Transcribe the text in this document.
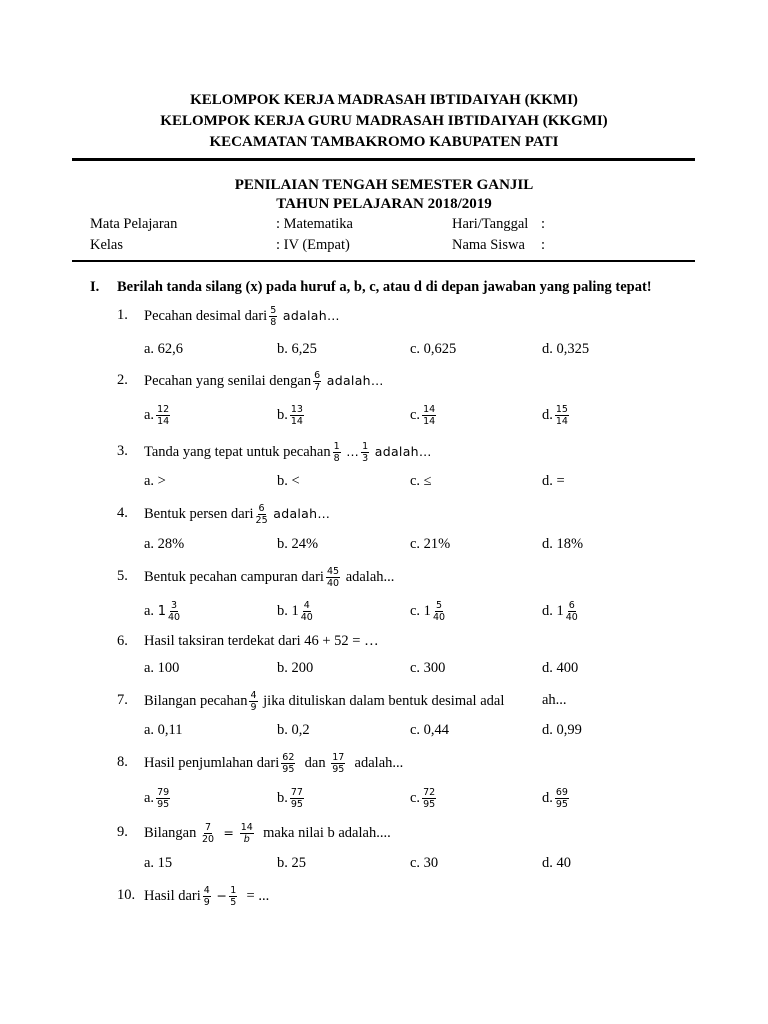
KELOMPOK KERJA MADRASAH IBTIDAIYAH (KKMI)
KELOMPOK KERJA GURU MADRASAH IBTIDAIYAH (KKGMI)
KECAMATAN TAMBAKROMO KABUPATEN PATI
PENILAIAN TENGAH SEMESTER GANJIL
TAHUN PELAJARAN 2018/2019
Mata Pelajaran	: Matematika	Hari/Tanggal :
Kelas	: IV (Empat)	Nama Siswa :
I. Berilah tanda silang (x) pada huruf a, b, c, atau d di depan jawaban yang paling tepat!
1. Pecahan desimal dari $\frac{5}{8}$ adalah…
a. 62,6	b. 6,25	c. 0,625	d. 0,325
2. Pecahan yang senilai dengan $\frac{6}{7}$ adalah…
a. $\frac{12}{14}$	b. $\frac{13}{14}$	c. $\frac{14}{14}$	d. $\frac{15}{14}$
3. Tanda yang tepat untuk pecahan $\frac{1}{8}$ … $\frac{1}{3}$ adalah…
a. >	b. <	c. ≤	d. =
4. Bentuk persen dari $\frac{6}{25}$ adalah…
a. 28%	b. 24%	c. 21%	d. 18%
5. Bentuk pecahan campuran dari $\frac{45}{40}$ adalah...
a. $1 \frac{3}{40}$	b. $1 \frac{4}{40}$	c. $1 \frac{5}{40}$	d. $1 \frac{6}{40}$
6. Hasil taksiran terdekat dari 46 + 52 = …
a. 100	b. 200	c. 300	d. 400
7. Bilangan pecahan $\frac{4}{9}$ jika dituliskan dalam bentuk desimal adal	ah...
a. 0,11	b. 0,2	c. 0,44	d. 0,99
8. Hasil penjumlahan dari $\frac{62}{95}$ dan $\frac{17}{95}$ adalah...
a. $\frac{79}{95}$	b. $\frac{77}{95}$	c. $\frac{72}{95}$	d. $\frac{69}{95}$
9. Bilangan $\frac{7}{20} = \frac{14}{b}$ maka nilai b adalah....
a. 15	b. 25	c. 30	d. 40
10. Hasil dari $\frac{4}{9} - \frac{1}{5}$ = ...
